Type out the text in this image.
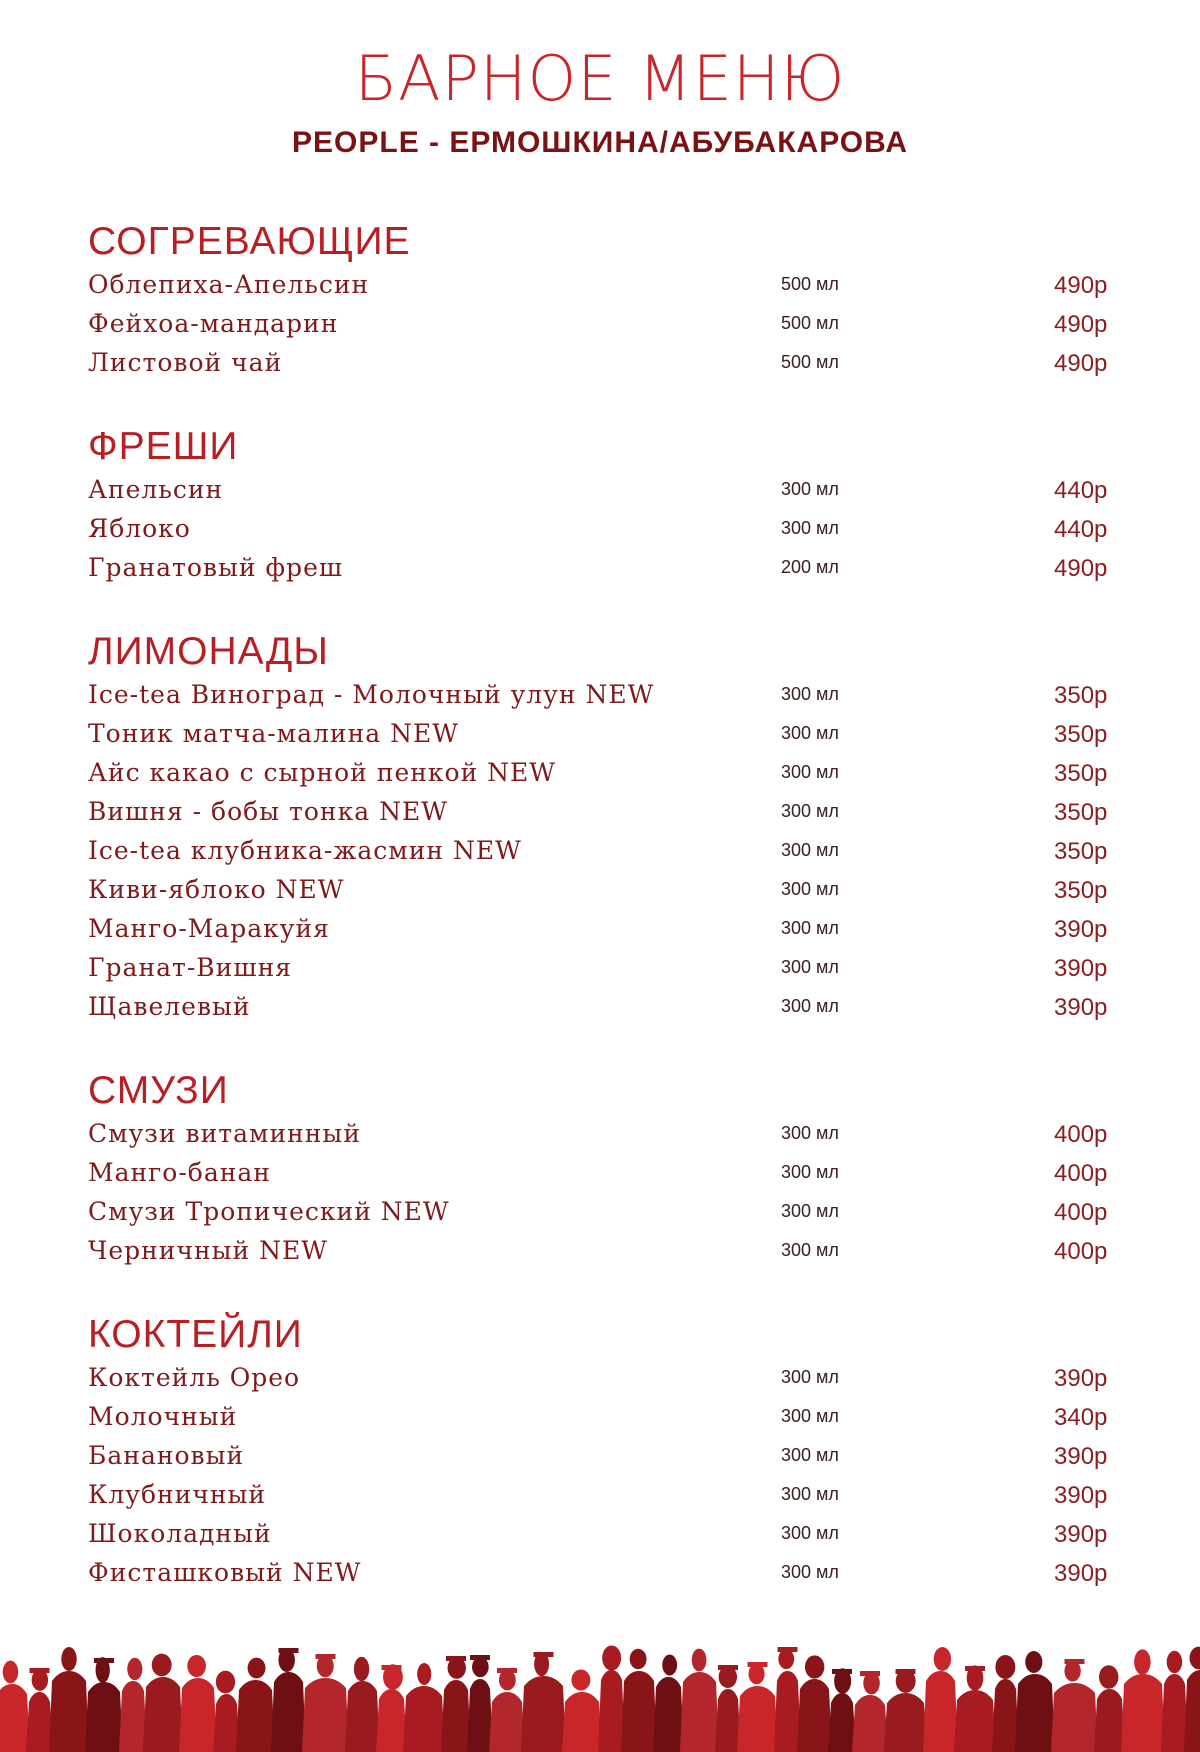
БАРНОЕ МЕНЮ
PEOPLE - ЕРМОШКИНА/АБУБАКАРОВА
СОГРЕВАЮЩИЕ
Облепиха-Апельсин	500 мл	490р
Фейхоа-мандарин	500 мл	490р
Листовой чай	500 мл	490р
ФРЕШИ
Апельсин	300 мл	440р
Яблоко	300 мл	440р
Гранатовый фреш	200 мл	490р
ЛИМОНАДЫ
Ice-tea Виноград - Молочный улун NEW	300 мл	350р
Тоник матча-малина NEW	300 мл	350р
Айс какао с сырной пенкой NEW	300 мл	350р
Вишня - бобы тонка NEW	300 мл	350р
Ice-tea клубника-жасмин NEW	300 мл	350р
Киви-яблоко NEW	300 мл	350р
Манго-Маракуйя	300 мл	390р
Гранат-Вишня	300 мл	390р
Щавелевый	300 мл	390р
СМУЗИ
Смузи витаминный	300 мл	400р
Манго-банан	300 мл	400р
Смузи Тропический NEW	300 мл	400р
Черничный NEW	300 мл	400р
КОКТЕЙЛИ
Коктейль Орео	300 мл	390р
Молочный	300 мл	340р
Банановый	300 мл	390р
Клубничный	300 мл	390р
Шоколадный	300 мл	390р
Фисташковый NEW	300 мл	390р
